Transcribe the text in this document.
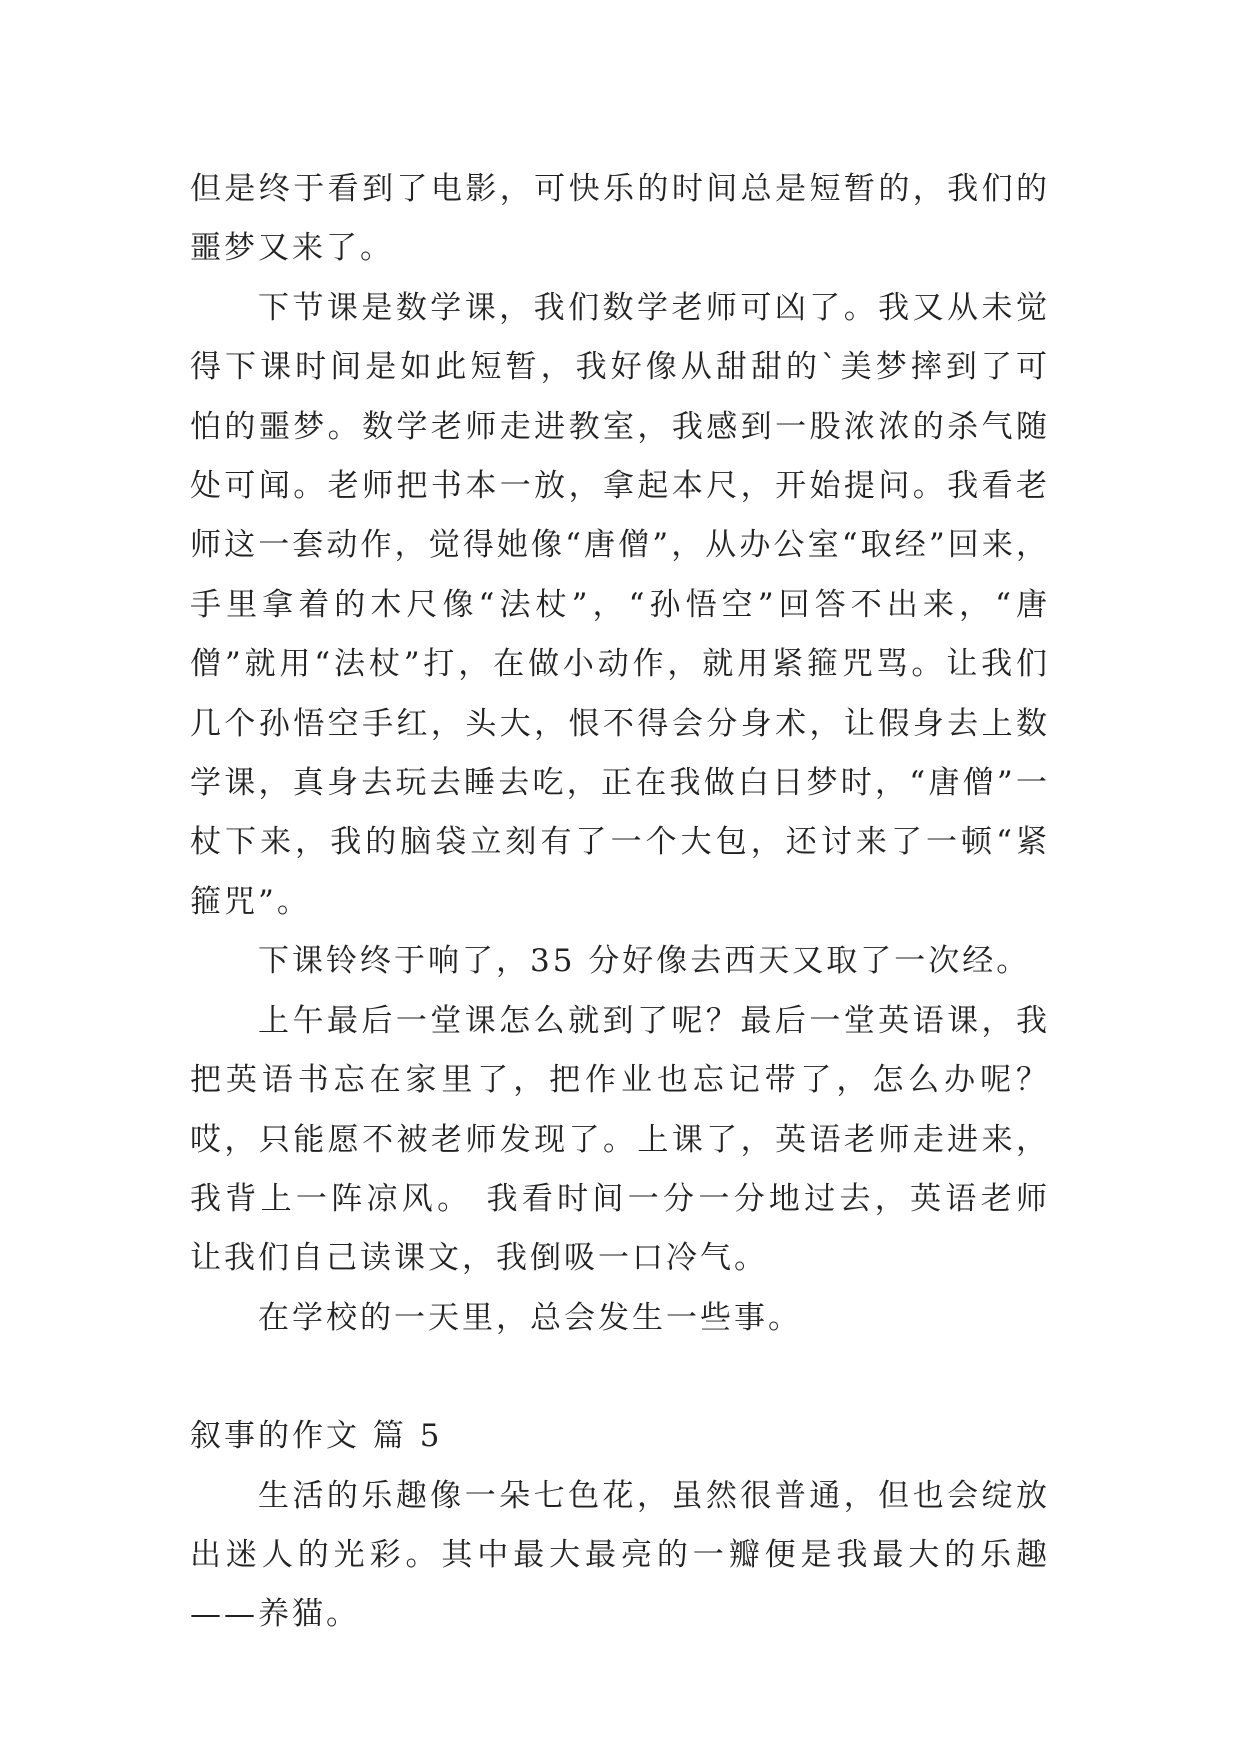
但是终于看到了电影，可快乐的时间总是短暂的，我们的噩梦又来了。

下节课是数学课，我们数学老师可凶了。我又从未觉得下课时间是如此短暂，我好像从甜甜的`美梦摔到了可怕的噩梦。数学老师走进教室，我感到一股浓浓的杀气随处可闻。老师把书本一放，拿起本尺，开始提问。我看老师这一套动作，觉得她像“唐僧”，从办公室“取经”回来，手里拿着的木尺像“法杖”，“孙悟空”回答不出来，“唐僧”就用“法杖”打，在做小动作，就用紧箍咒骂。让我们几个孙悟空手红，头大，恨不得会分身术，让假身去上数学课，真身去玩去睡去吃，正在我做白日梦时，“唐僧”一杖下来，我的脑袋立刻有了一个大包，还讨来了一顿“紧箍咒”。

下课铃终于响了，35 分好像去西天又取了一次经。

上午最后一堂课怎么就到了呢？最后一堂英语课，我把英语书忘在家里了，把作业也忘记带了，怎么办呢？哎，只能愿不被老师发现了。上课了，英语老师走进来，我背上一阵凉风。 我看时间一分一分地过去，英语老师让我们自己读课文，我倒吸一口冷气。

在学校的一天里，总会发生一些事。

叙事的作文 篇 5

生活的乐趣像一朵七色花，虽然很普通，但也会绽放出迷人的光彩。其中最大最亮的一瓣便是我最大的乐趣——养猫。
